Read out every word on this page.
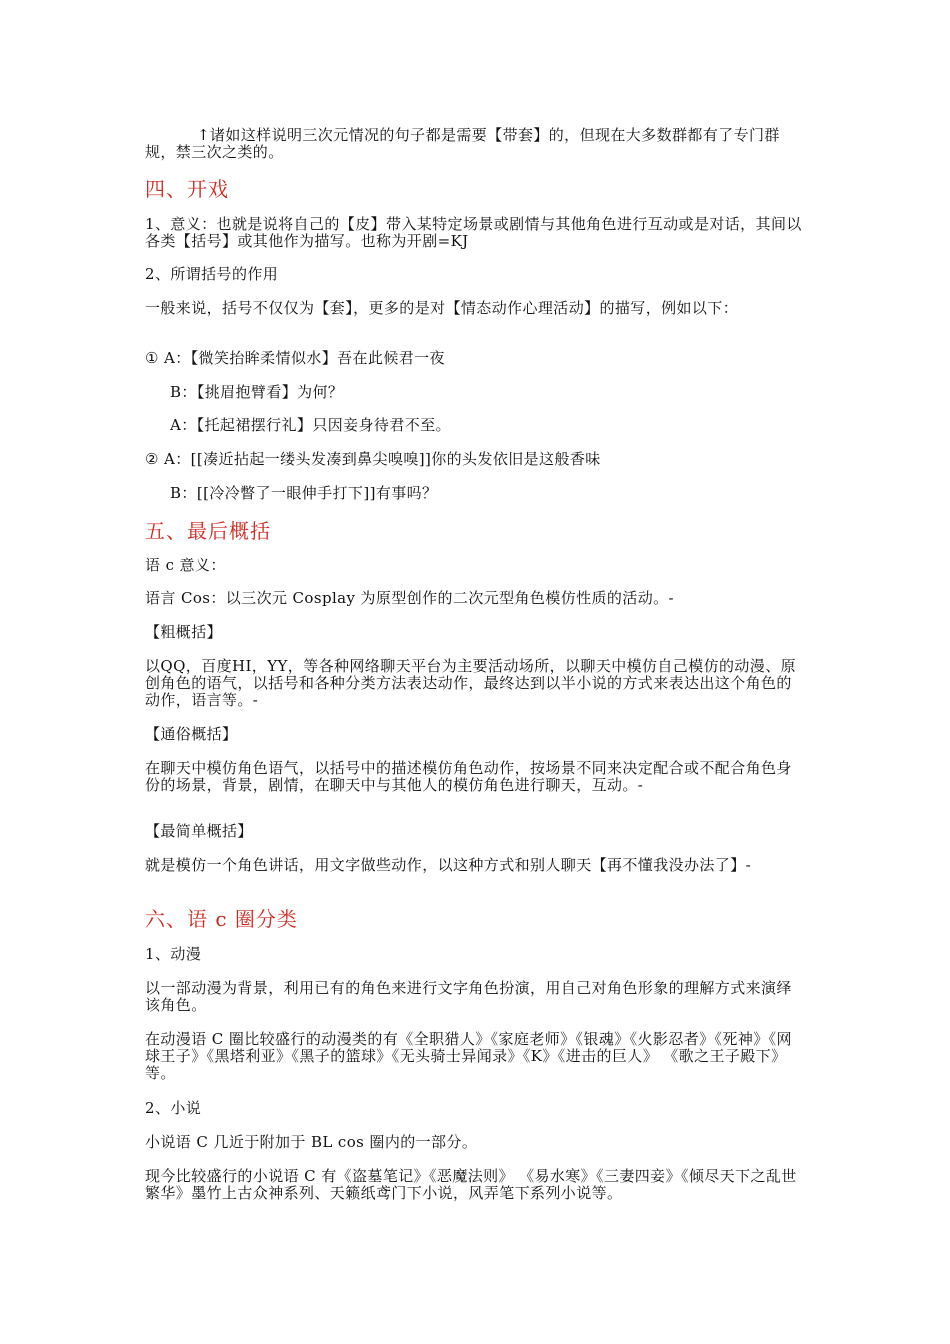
↑诸如这样说明三次元情况的句子都是需要【带套】的，但现在大多数群都有了专门群规，禁三次之类的。
四、开戏
1、意义：也就是说将自己的【皮】带入某特定场景或剧情与其他角色进行互动或是对话，其间以各类【括号】或其他作为描写。也称为开剧=KJ
2、所谓括号的作用
一般来说，括号不仅仅为【套】，更多的是对【情态动作心理活动】的描写，例如以下：
① A：【微笑抬眸柔情似水】吾在此候君一夜
B：【挑眉抱臂看】为何？
A：【托起裙摆行礼】只因妾身待君不至。
② A：[[凑近拈起一缕头发凑到鼻尖嗅嗅]]你的头发依旧是这般香味
B：[[冷冷瞥了一眼伸手打下]]有事吗？
五、最后概括
语 c 意义：
语言 Cos：以三次元 Cosplay 为原型创作的二次元型角色模仿性质的活动。-
【粗概括】
以QQ，百度HI，YY，等各种网络聊天平台为主要活动场所，以聊天中模仿自己模仿的动漫、原创角色的语气，以括号和各种分类方法表达动作，最终达到以半小说的方式来表达出这个角色的动作，语言等。-
【通俗概括】
在聊天中模仿角色语气，以括号中的描述模仿角色动作，按场景不同来决定配合或不配合角色身份的场景，背景，剧情，在聊天中与其他人的模仿角色进行聊天，互动。-
【最简单概括】
就是模仿一个角色讲话，用文字做些动作，以这种方式和别人聊天【再不懂我没办法了】-
六、语 c 圈分类
1、动漫
以一部动漫为背景，利用已有的角色来进行文字角色扮演，用自己对角色形象的理解方式来演绎该角色。
在动漫语 C 圈比较盛行的动漫类的有《全职猎人》《家庭老师》《银魂》《火影忍者》《死神》《网球王子》《黑塔利亚》《黑子的篮球》《无头骑士异闻录》《K》《进击的巨人》 《歌之王子殿下》等。
2、小说
小说语 C 几近于附加于 BL cos 圈内的一部分。
现今比较盛行的小说语 C 有《盗墓笔记》《恶魔法则》 《易水寒》《三妻四妾》《倾尽天下之乱世繁华》墨竹上古众神系列、天籁纸鸢门下小说，风弄笔下系列小说等。
